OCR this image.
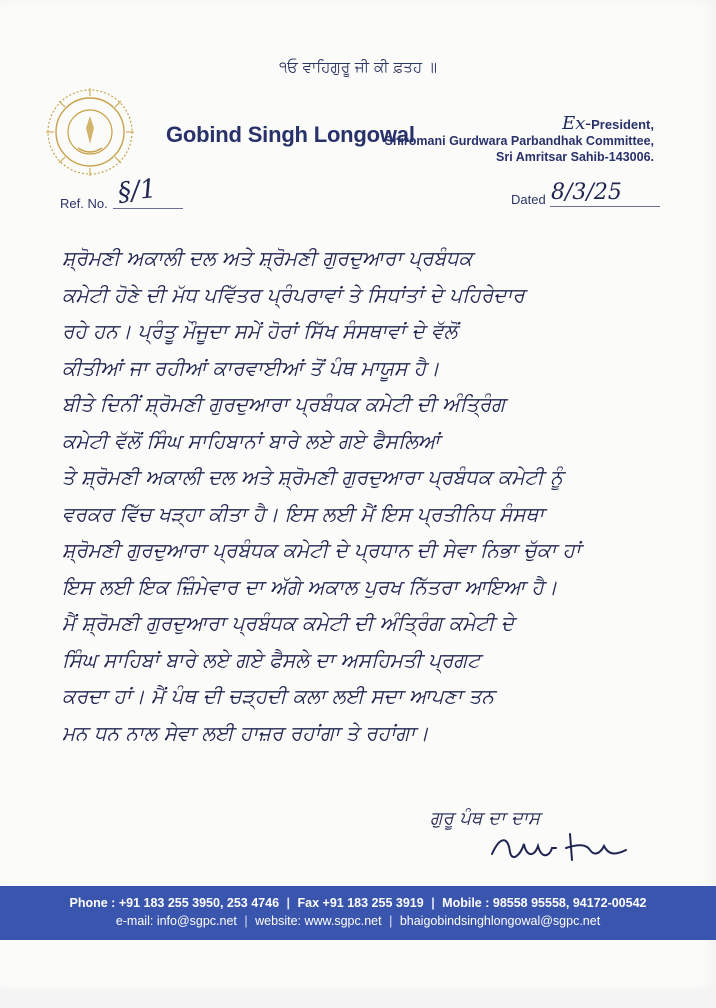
੧ਓ ਵਾਹਿਗੁਰੂ ਜੀ ਕੀ ਫ਼ਤਹ ॥
Gobind Singh Longowal	Ex-President,
Shiromani Gurdwara Parbandhak Committee,
Sri Amritsar Sahib-143006.
Ref. No. §/1	Dated 8/3/25
ਸ਼੍ਰੋਮਣੀ ਅਕਾਲੀ ਦਲ ਅਤੇ ਸ਼੍ਰੋਮਣੀ ਗੁਰਦੁਆਰਾ ਪ੍ਰਬੰਧਕ
ਕਮੇਟੀ ਹੋਣੇ ਦੀ ਮੱਧ ਪਵਿੱਤਰ ਪ੍ਰੰਪਰਾਵਾਂ ਤੇ ਸਿਧਾਂਤਾਂ ਦੇ ਪਹਿਰੇਦਾਰ
ਰਹੇ ਹਨ। ਪ੍ਰੰਤੂ ਮੌਜੂਦਾ ਸਮੇਂ ਹੋਰਾਂ ਸਿੱਖ ਸੰਸਥਾਵਾਂ ਦੇ ਵੱਲੋਂ
ਕੀਤੀਆਂ ਜਾ ਰਹੀਆਂ ਕਾਰਵਾਈਆਂ ਤੋਂ ਪੰਥ ਮਾਯੂਸ ਹੈ।
ਬੀਤੇ ਦਿਨੀਂ ਸ਼੍ਰੋਮਣੀ ਗੁਰਦੁਆਰਾ ਪ੍ਰਬੰਧਕ ਕਮੇਟੀ ਦੀ ਅੰਤ੍ਰਿੰਗ
ਕਮੇਟੀ ਵੱਲੋਂ ਸਿੰਘ ਸਾਹਿਬਾਨਾਂ ਬਾਰੇ ਲਏ ਗਏ ਫੈਸਲਿਆਂ
ਤੇ ਸ਼੍ਰੋਮਣੀ ਅਕਾਲੀ ਦਲ ਅਤੇ ਸ਼੍ਰੋਮਣੀ ਗੁਰਦੁਆਰਾ ਪ੍ਰਬੰਧਕ ਕਮੇਟੀ ਨੂੰ
ਵਰਕਰ ਵਿੱਚ ਖੜ੍ਹਾ ਕੀਤਾ ਹੈ। ਇਸ ਲਈ ਮੈਂ ਇਸ ਪ੍ਰਤੀਨਿਧ ਸੰਸਥਾ
ਸ਼੍ਰੋਮਣੀ ਗੁਰਦੁਆਰਾ ਪ੍ਰਬੰਧਕ ਕਮੇਟੀ ਦੇ ਪ੍ਰਧਾਨ ਦੀ ਸੇਵਾ ਨਿਭਾ ਚੁੱਕਾ ਹਾਂ
ਇਸ ਲਈ ਇਕ ਜ਼ਿੰਮੇਵਾਰ ਦਾ ਅੱਗੇ ਅਕਾਲ ਪੁਰਖ ਨਿੱਤਰਾ ਆਇਆ ਹੈ।
ਮੈਂ ਸ਼੍ਰੋਮਣੀ ਗੁਰਦੁਆਰਾ ਪ੍ਰਬੰਧਕ ਕਮੇਟੀ ਦੀ ਅੰਤ੍ਰਿੰਗ ਕਮੇਟੀ ਦੇ
ਸਿੰਘ ਸਾਹਿਬਾਂ ਬਾਰੇ ਲਏ ਗਏ ਫੈਸਲੇ ਦਾ ਅਸਹਿਮਤੀ ਪ੍ਰਗਟ
ਕਰਦਾ ਹਾਂ। ਮੈਂ ਪੰਥ ਦੀ ਚੜ੍ਹਦੀ ਕਲਾ ਲਈ ਸਦਾ ਆਪਣਾ ਤਨ
ਮਨ ਧਨ ਨਾਲ ਸੇਵਾ ਲਈ ਹਾਜ਼ਰ ਰਹਾਂਗਾ ਤੇ ਰਹਾਂਗਾ।
ਗੁਰੂ ਪੰਥ ਦਾ ਦਾਸ
Phone : +91 183 255 3950, 253 4746 | Fax +91 183 255 3919 | Mobile : 98558 95558, 94172-00542
e-mail: info@sgpc.net | website: www.sgpc.net | bhaigobindsinghlongowal@sgpc.net
